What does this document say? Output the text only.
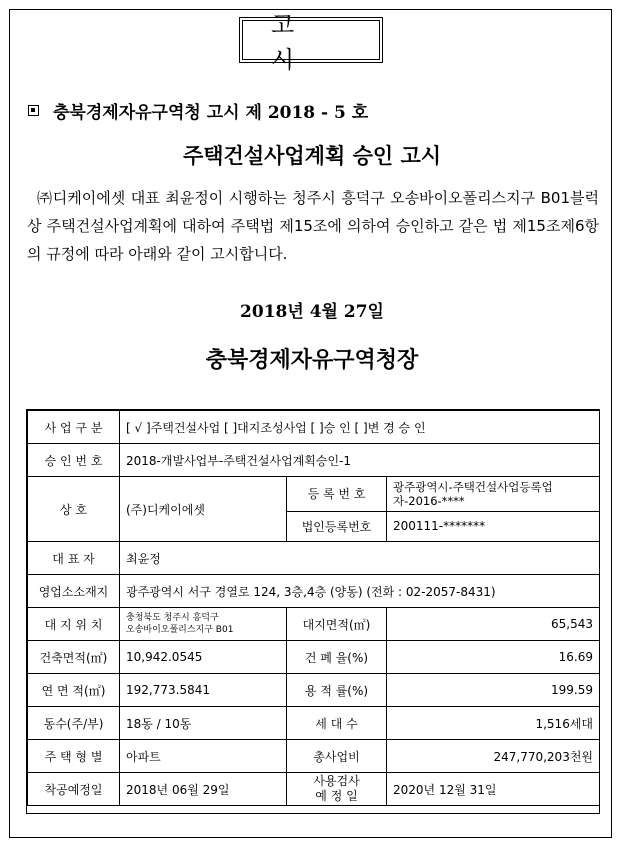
고 시
충북경제자유구역청 고시 제 2018 - 5 호
주택건설사업계획 승인 고시
㈜디케이에셋 대표 최윤정이 시행하는 청주시 흥덕구 오송바이오폴리스지구 B01블럭 상 주택건설사업계획에 대하여 주택법 제15조에 의하여 승인하고 같은 법 제15조제6항의 규정에 따라 아래와 같이 고시합니다.
2018년 4월 27일
충북경제자유구역청장
사 업 구 분	[ √ ]주택건설사업 [ ]대지조성사업 [ ]승 인 [ ]변 경 승 인		
승 인 번 호	2018-개발사업부-주택건설사업계획승인-1		
상 호	(주)디케이에셋	등 록 번 호	광주광역시-주택건설사업등록업자-2016-****
		법인등록번호	200111-*******
대 표 자	최윤정		
영업소소재지	광주광역시 서구 경열로 124, 3층,4층 (양동) (전화 : 02-2057-8431)		
대 지 위 치	충청북도 청주시 흥덕구
오송바이오폴리스지구 B01	대지면적(㎡)	65,543
건축면적(㎡)	10,942.0545	건 폐 율(%)	16.69
연 면 적(㎡)	192,773.5841	용 적 률(%)	199.59
동수(주/부)	18동 / 10동	세 대 수	1,516세대
주 택 형 별	아파트	총사업비	247,770,203천원
착공예정일	2018년 06월 29일	사용검사
예 정 일	2020년 12월 31일
